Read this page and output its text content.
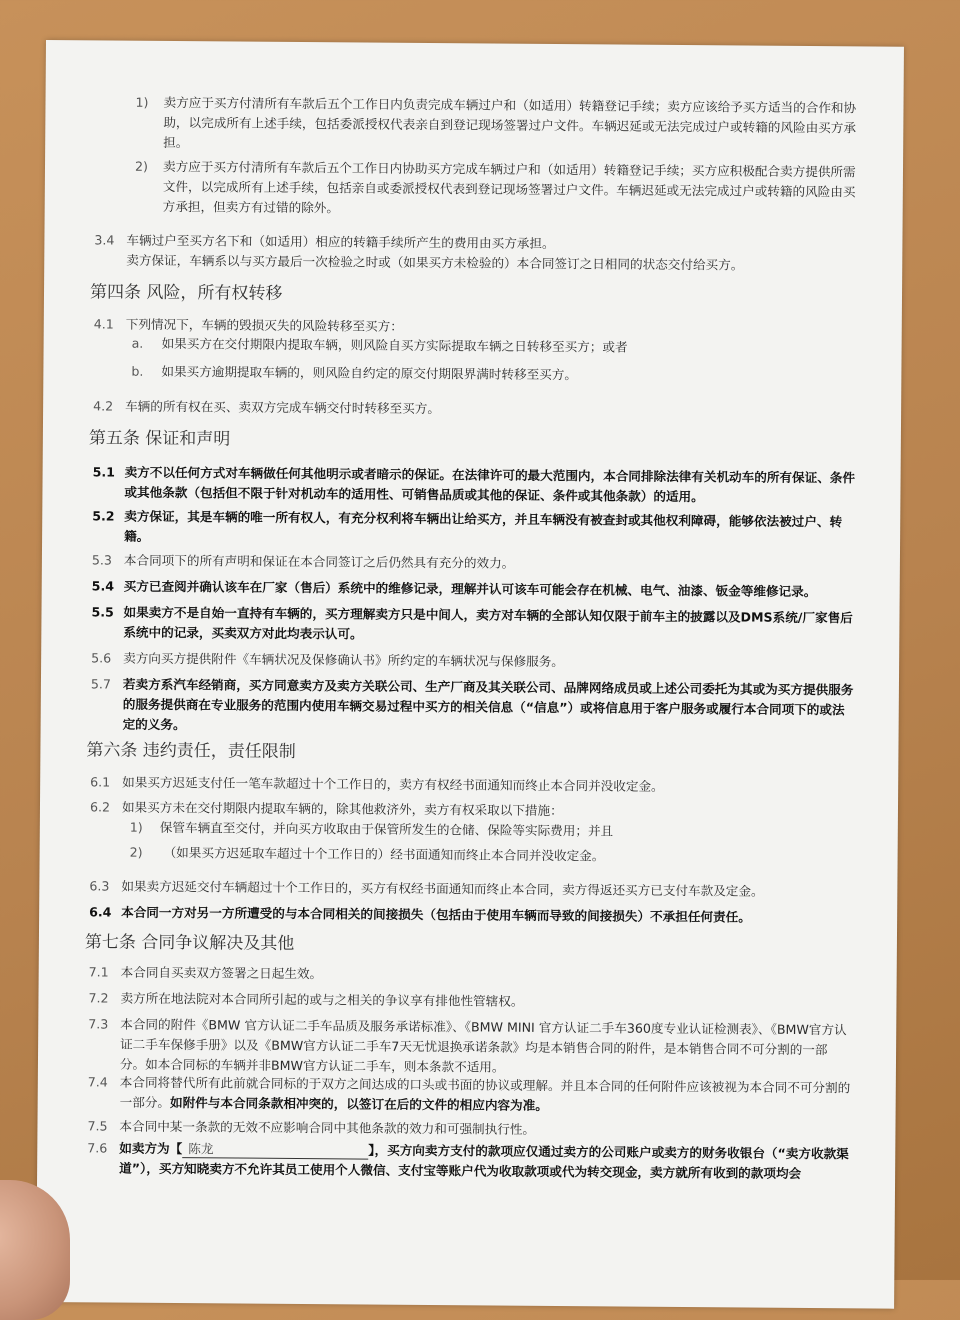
1) 卖方应于买方付清所有车款后五个工作日内负责完成车辆过户和（如适用）转籍登记手续；卖方应该给予买方适当的合作和协助，以完成所有上述手续，包括委派授权代表亲自到登记现场签署过户文件。车辆迟延或无法完成过户或转籍的风险由买方承担。
2) 卖方应于买方付清所有车款后五个工作日内协助买方完成车辆过户和（如适用）转籍登记手续；买方应积极配合卖方提供所需文件，以完成所有上述手续，包括亲自或委派授权代表到登记现场签署过户文件。车辆迟延或无法完成过户或转籍的风险由买方承担，但卖方有过错的除外。
3.4 车辆过户至买方名下和（如适用）相应的转籍手续所产生的费用由买方承担。
卖方保证，车辆系以与买方最后一次检验之时或（如果买方未检验的）本合同签订之日相同的状态交付给买方。
第四条 风险，所有权转移
4.1 下列情况下，车辆的毁损灭失的风险转移至买方：
a. 如果买方在交付期限内提取车辆，则风险自买方实际提取车辆之日转移至买方；或者
b. 如果买方逾期提取车辆的，则风险自约定的原交付期限界满时转移至买方。
4.2 车辆的所有权在买、卖双方完成车辆交付时转移至买方。
第五条 保证和声明
5.1 卖方不以任何方式对车辆做任何其他明示或者暗示的保证。在法律许可的最大范围内，本合同排除法律有关机动车的所有保证、条件或其他条款（包括但不限于针对机动车的适用性、可销售品质或其他的保证、条件或其他条款）的适用。
5.2 卖方保证，其是车辆的唯一所有权人，有充分权利将车辆出让给买方，并且车辆没有被查封或其他权利障碍，能够依法被过户、转籍。
5.3 本合同项下的所有声明和保证在本合同签订之后仍然具有充分的效力。
5.4 买方已查阅并确认该车在厂家（售后）系统中的维修记录，理解并认可该车可能会存在机械、电气、油漆、钣金等维修记录。
5.5 如果卖方不是自始一直持有车辆的，买方理解卖方只是中间人，卖方对车辆的全部认知仅限于前车主的披露以及DMS系统/厂家售后系统中的记录，买卖双方对此均表示认可。
5.6 卖方向买方提供附件《车辆状况及保修确认书》所约定的车辆状况与保修服务。
5.7 若卖方系汽车经销商，买方同意卖方及卖方关联公司、生产厂商及其关联公司、品牌网络成员或上述公司委托为其或为买方提供服务的服务提供商在专业服务的范围内使用车辆交易过程中买方的相关信息（“信息”）或将信息用于客户服务或履行本合同项下的或法定的义务。
第六条 违约责任，责任限制
6.1 如果买方迟延支付任一笔车款超过十个工作日的，卖方有权经书面通知而终止本合同并没收定金。
6.2 如果买方未在交付期限内提取车辆的，除其他救济外，卖方有权采取以下措施：
1) 保管车辆直至交付，并向买方收取由于保管所发生的仓储、保险等实际费用；并且
2) （如果买方迟延取车超过十个工作日的）经书面通知而终止本合同并没收定金。
6.3 如果卖方迟延交付车辆超过十个工作日的，买方有权经书面通知而终止本合同，卖方得返还买方已支付车款及定金。
6.4 本合同一方对另一方所遭受的与本合同相关的间接损失（包括由于使用车辆而导致的间接损失）不承担任何责任。
第七条 合同争议解决及其他
7.1 本合同自买卖双方签署之日起生效。
7.2 卖方所在地法院对本合同所引起的或与之相关的争议享有排他性管辖权。
7.3 本合同的附件《BMW 官方认证二手车品质及服务承诺标准》、《BMW MINI 官方认证二手车360度专业认证检测表》、《BMW官方认证二手车保修手册》以及《BMW官方认证二手车7天无忧退换承诺条款》均是本销售合同的附件，是本销售合同不可分割的一部分。如本合同标的车辆并非BMW官方认证二手车，则本条款不适用。
7.4 本合同将替代所有此前就合同标的于双方之间达成的口头或书面的协议或理解。并且本合同的任何附件应该被视为本合同不可分割的一部分。如附件与本合同条款相冲突的，以签订在后的文件的相应内容为准。
7.5 本合同中某一条款的无效不应影响合同中其他条款的效力和可强制执行性。
7.6 如卖方为【 陈龙	】，买方向卖方支付的款项应仅通过卖方的公司账户或卖方的财务收银台（“卖方收款渠道”），买方知晓卖方不允许其员工使用个人微信、支付宝等账户代为收取款项或代为转交现金，卖方就所有收到的款项均会
